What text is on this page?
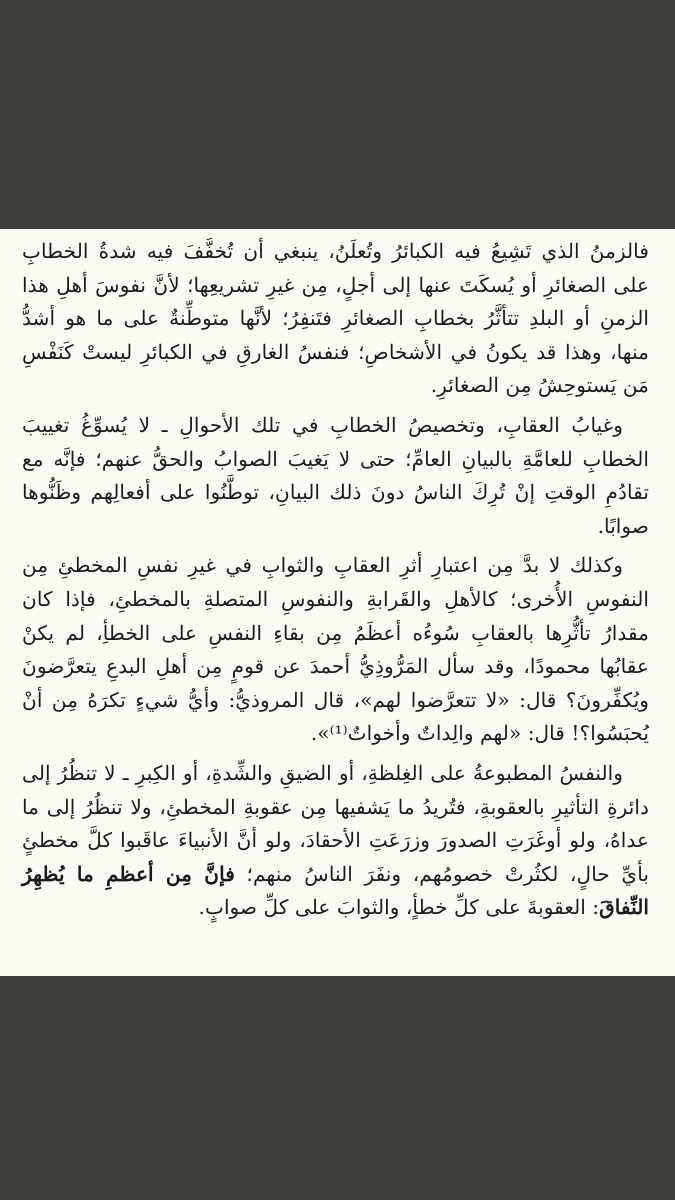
فالزمنُ الذي تَشِيعُ فيه الكبائرُ وتُعلَنُ، ينبغي أن تُخفَّفَ فيه شدةُ الخطابِ على الصغائرِ أو يُسكَتَ عنها إلى أجلٍ، مِن غيرِ تشريعِها؛ لأنَّ نفوسَ أهلِ هذا الزمنِ أو البلدِ تتأثَّرُ بخطابِ الصغائرِ فتَنفِرُ؛ لأنَّها متوطِّنةٌ على ما هو أشدُّ منها، وهذا قد يكونُ في الأشخاصِ؛ فنفسُ الغارقِ في الكبائرِ ليستْ كَنَفْسِ مَن يَستوحِشُ مِن الصغائرِ.

وغيابُ العقابِ، وتخصيصُ الخطابِ في تلك الأحوالِ ـ لا يُسوِّغُ تغييبَ الخطابِ للعامَّةِ بالبيانِ العامِّ؛ حتى لا يَغيبَ الصوابُ والحقُّ عنهم؛ فإنَّه مع تقادُمِ الوقتِ إنْ تُرِكَ الناسُ دونَ ذلك البيانِ، توطَّنُوا على أفعالِهم وظَنُّوها صوابًا.

وكذلك لا بدَّ مِن اعتبارِ أثرِ العقابِ والثوابِ في غيرِ نفسِ المخطئِ مِن النفوسِ الأُخرى؛ كالأهلِ والقَرابةِ والنفوسِ المتصلةِ بالمخطئِ، فإذا كان مقدارُ تأثُّرِها بالعقابِ سُوءُه أعظَمُ مِن بقاءِ النفسِ على الخطأِ، لم يكنْ عقابُها محمودًا، وقد سأل المَرُّوذِيُّ أحمدَ عن قومٍ مِن أهلِ البدعِ يتعرَّضونَ ويُكفِّرونَ؟ قال: «لا تتعرَّضوا لهم»، قال المروذيُّ: وأيُّ شيءٍ تكرَهُ مِن أنْ يُحبَسُوا؟! قال: «لهم والِداتٌ وأخواتٌ⁽¹⁾».

والنفسُ المطبوعةُ على الغِلظةِ، أو الضيقِ والشِّدةِ، أو الكِبرِ ـ لا تنظُرُ إلى دائرةِ التأثيرِ بالعقوبةِ، فتُريدُ ما يَشفيها مِن عقوبةِ المخطئِ، ولا تنظُرُ إلى ما عداهُ، ولو أوغَرَتِ الصدورَ وزرَعَتِ الأحقادَ، ولو أنَّ الأنبياءَ عاقَبوا كلَّ مخطئٍ بأيِّ حالٍ، لكثُرتْ خصومُهم، ونفَرَ الناسُ منهم؛ فإنَّ مِن أعظمِ ما يُظهِرُ النِّفاقَ: العقوبةَ على كلِّ خطأٍ، والثوابَ على كلِّ صوابٍ.
